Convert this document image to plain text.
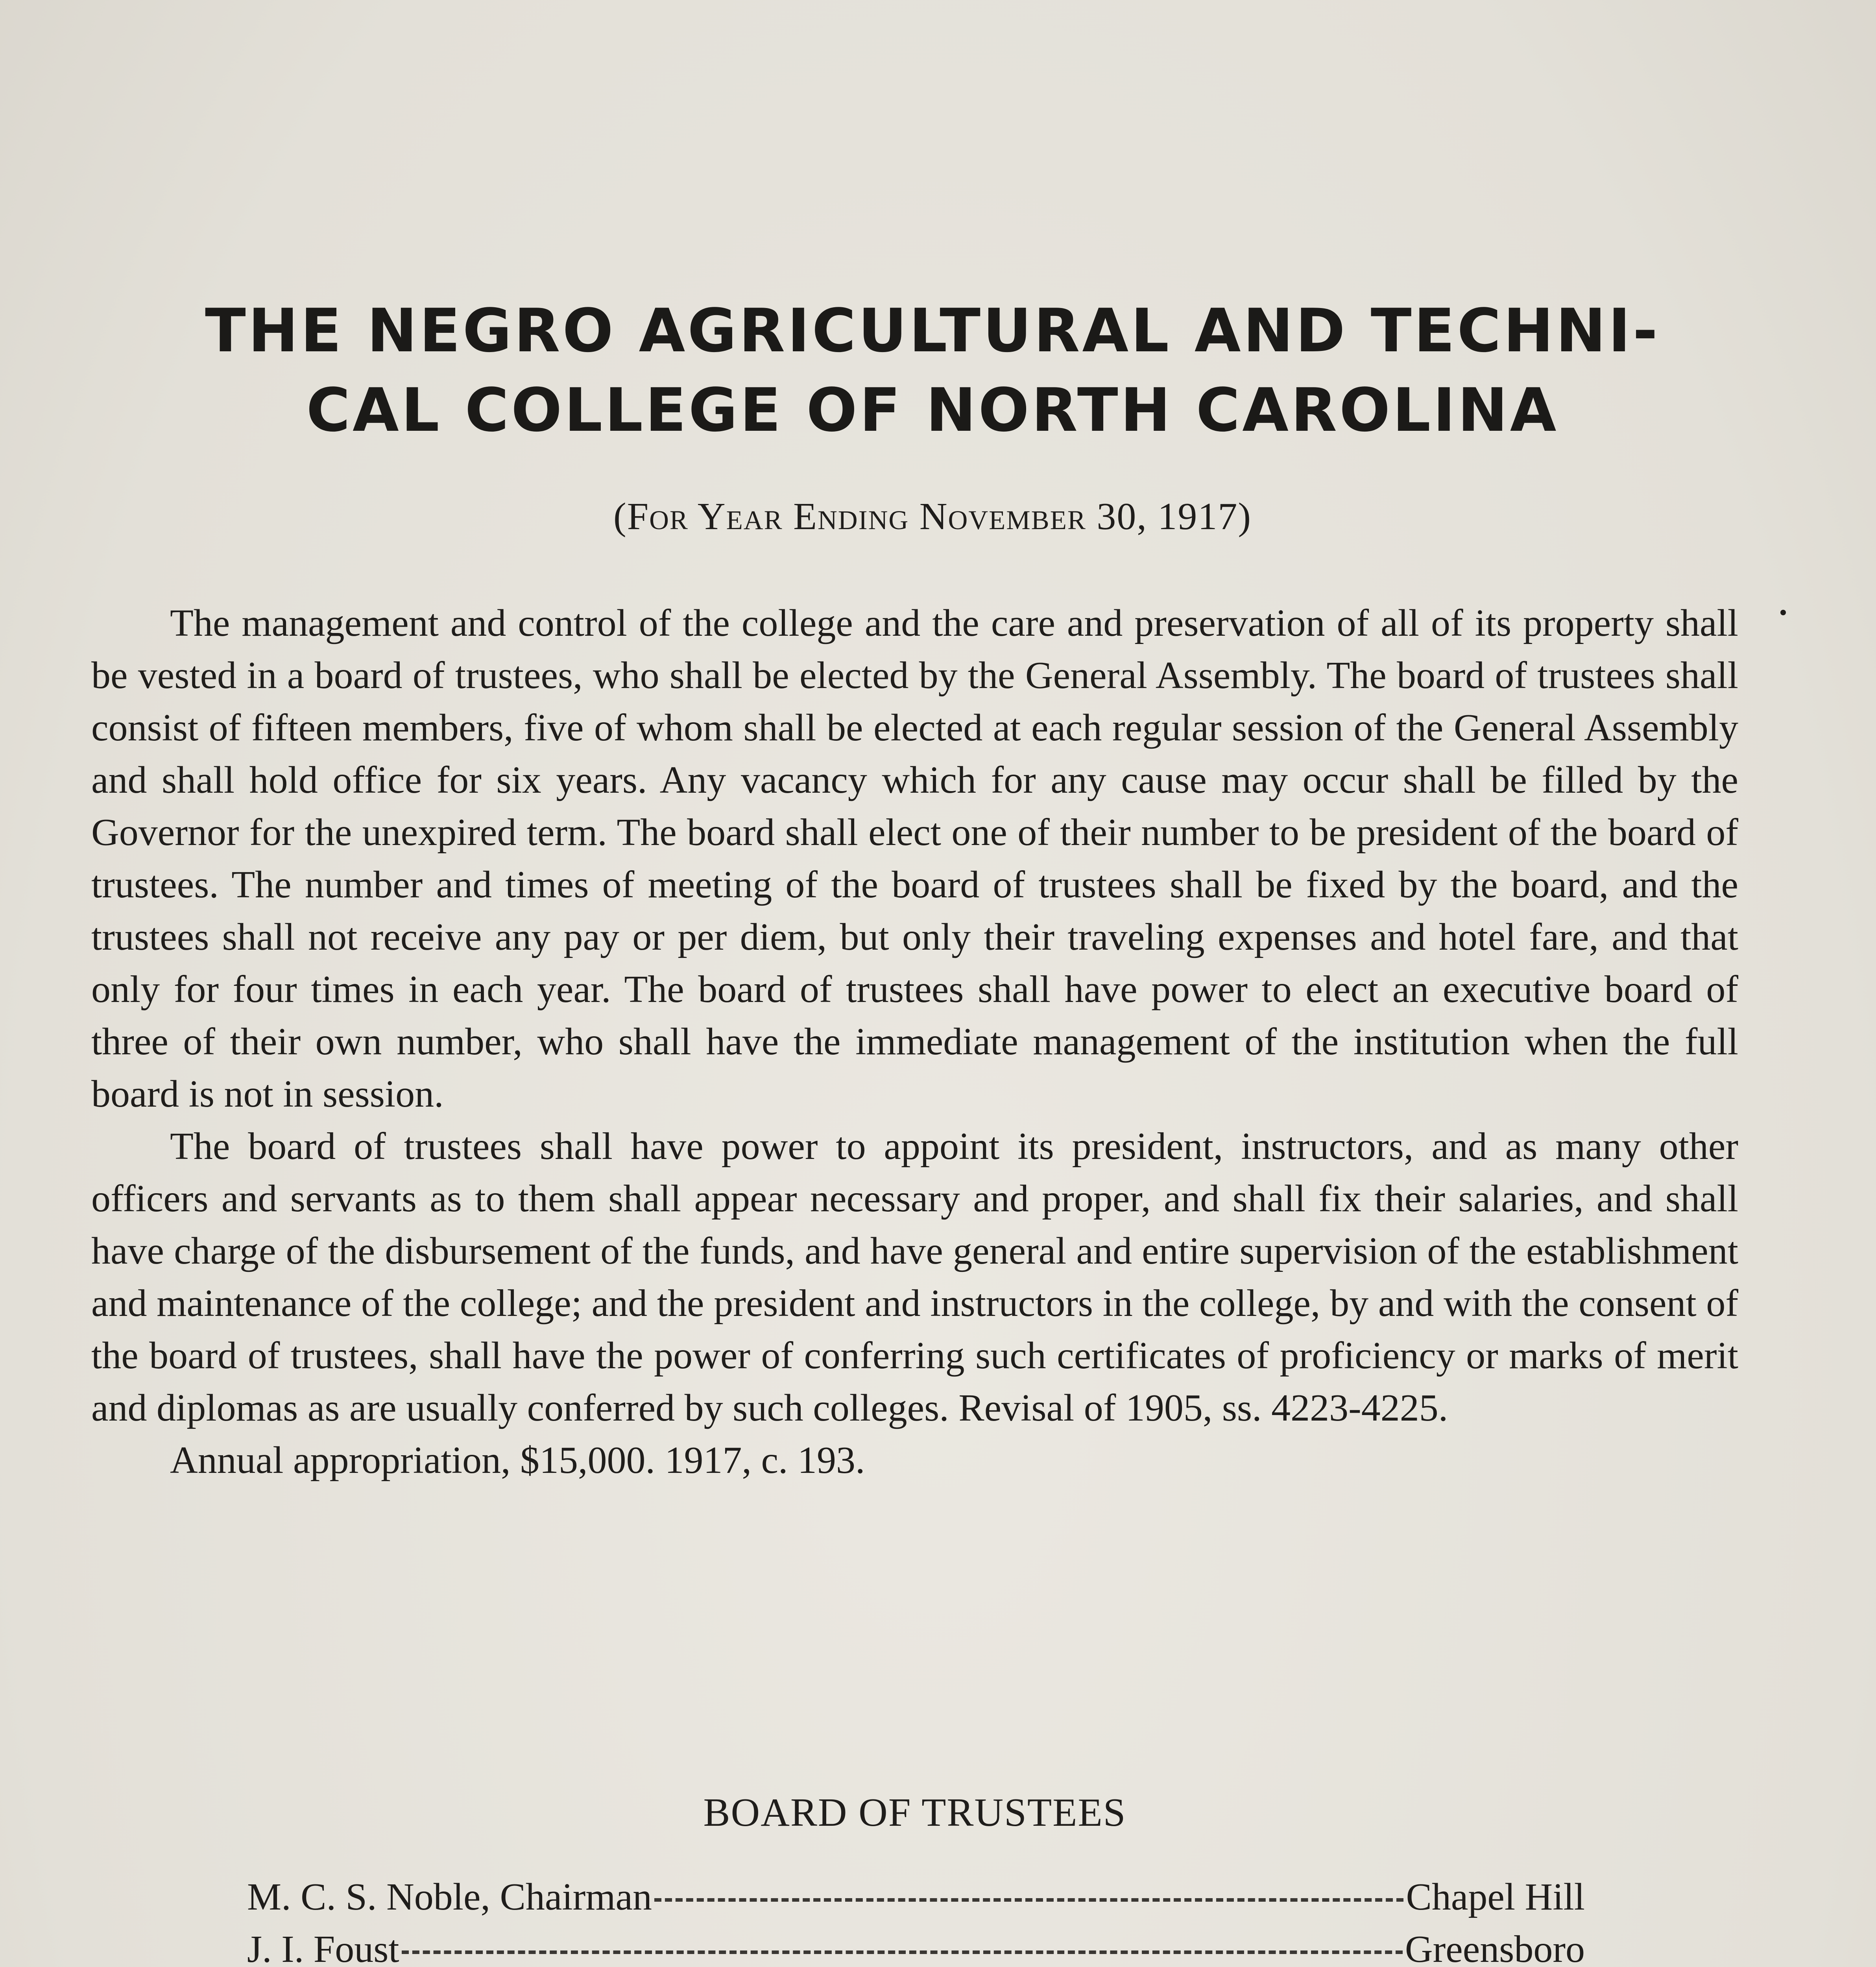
THE NEGRO AGRICULTURAL AND TECHNI-
CAL COLLEGE OF NORTH CAROLINA
(For Year Ending November 30, 1917)

The management and control of the college and the care and preservation of all of its property shall be vested in a board of trustees, who shall be elected by the General Assembly. The board of trustees shall consist of fifteen members, five of whom shall be elected at each regular session of the General Assembly and shall hold office for six years. Any vacancy which for any cause may occur shall be filled by the Governor for the unexpired term. The board shall elect one of their number to be president of the board of trustees. The number and times of meeting of the board of trustees shall be fixed by the board, and the trustees shall not receive any pay or per diem, but only their traveling expenses and hotel fare, and that only for four times in each year. The board of trustees shall have power to elect an executive board of three of their own number, who shall have the immediate management of the institution when the full board is not in session.

The board of trustees shall have power to appoint its president, instructors, and as many other officers and servants as to them shall appear necessary and proper, and shall fix their salaries, and shall have charge of the disbursement of the funds, and have general and entire supervision of the establishment and maintenance of the college; and the president and instructors in the college, by and with the consent of the board of trustees, shall have the power of conferring such certificates of proficiency or marks of merit and diplomas as are usually conferred by such colleges. Revisal of 1905, ss. 4223-4225.

Annual appropriation, $15,000. 1917, c. 193.

BOARD OF TRUSTEES
M. C. S. Noble, Chairman	Chapel Hill
J. I. Foust	Greensboro
